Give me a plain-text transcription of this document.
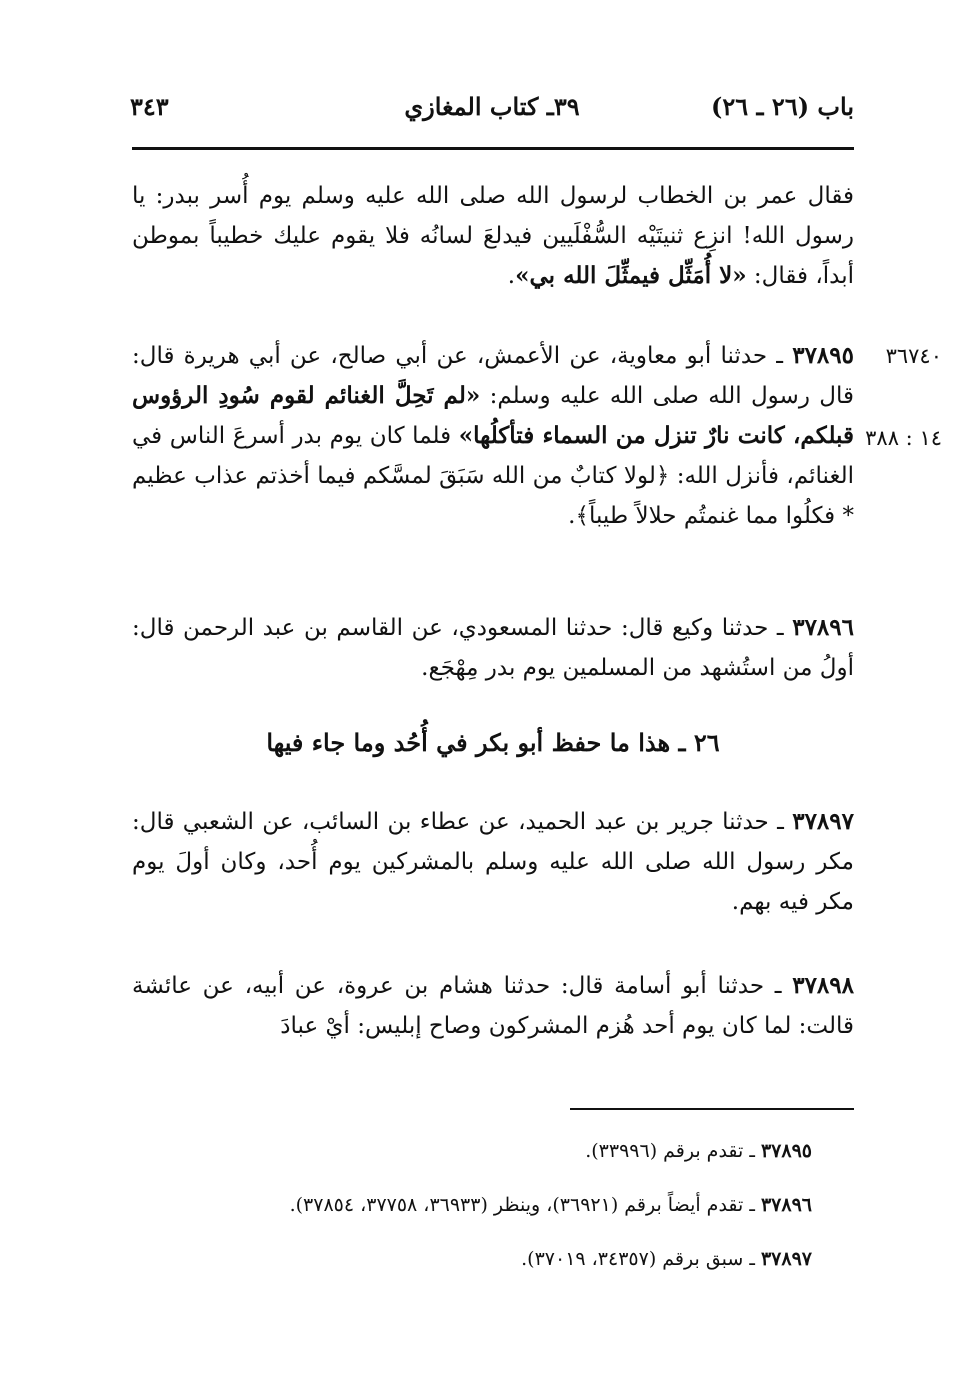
باب (٢٦ ـ ٢٦)
٣٩ـ كتاب المغازي
٣٤٣
فقال عمر بن الخطاب لرسول الله صلى الله عليه وسلم يوم أُسر ببدر: يا رسول الله! انزِع ثنيتَيْه السُّفْلَيين فيدلعَ لسانُه فلا يقوم عليك خطيباً بموطن أبداً، فقال: «لا أُمَثِّل فيمثِّلَ الله بي».
٣٦٧٤٠
١٤ : ٣٨٨
٣٧٨٩٥ ـ حدثنا أبو معاوية، عن الأعمش، عن أبي صالح، عن أبي هريرة قال: قال رسول الله صلى الله عليه وسلم: «لم تَحِلَّ الغنائم لقوم سُودِ الرؤوس قبلكم، كانت نارٌ تنزل من السماء فتأكلُها» فلما كان يوم بدر أسرعَ الناس في الغنائم، فأنزل الله: ﴿لولا كتابٌ من الله سَبَقَ لمسَّكم فيما أخذتم عذاب عظيم * فكلُوا مما غنمتُم حلالاً طيباً﴾.
٣٧٨٩٦ ـ حدثنا وكيع قال: حدثنا المسعودي، عن القاسم بن عبد الرحمن قال: أولُ من استُشهد من المسلمين يوم بدر مِهْجَع.
٢٦ ـ هذا ما حفظ أبو بكر في أُحُد وما جاء فيها
٣٧٨٩٧ ـ حدثنا جرير بن عبد الحميد، عن عطاء بن السائب، عن الشعبي قال: مكر رسول الله صلى الله عليه وسلم بالمشركين يوم أُحد، وكان أولَ يوم مكر فيه بهم.
٣٧٨٩٨ ـ حدثنا أبو أسامة قال: حدثنا هشام بن عروة، عن أبيه، عن عائشة قالت: لما كان يوم أحد هُزم المشركون وصاح إبليس: أيْ عبادَ
٣٧٨٩٥ ـ تقدم برقم (٣٣٩٩٦).
٣٧٨٩٦ ـ تقدم أيضاً برقم (٣٦٩٢١)، وينظر (٣٦٩٣٣، ٣٧٧٥٨، ٣٧٨٥٤).
٣٧٨٩٧ ـ سبق برقم (٣٤٣٥٧، ٣٧٠١٩).
